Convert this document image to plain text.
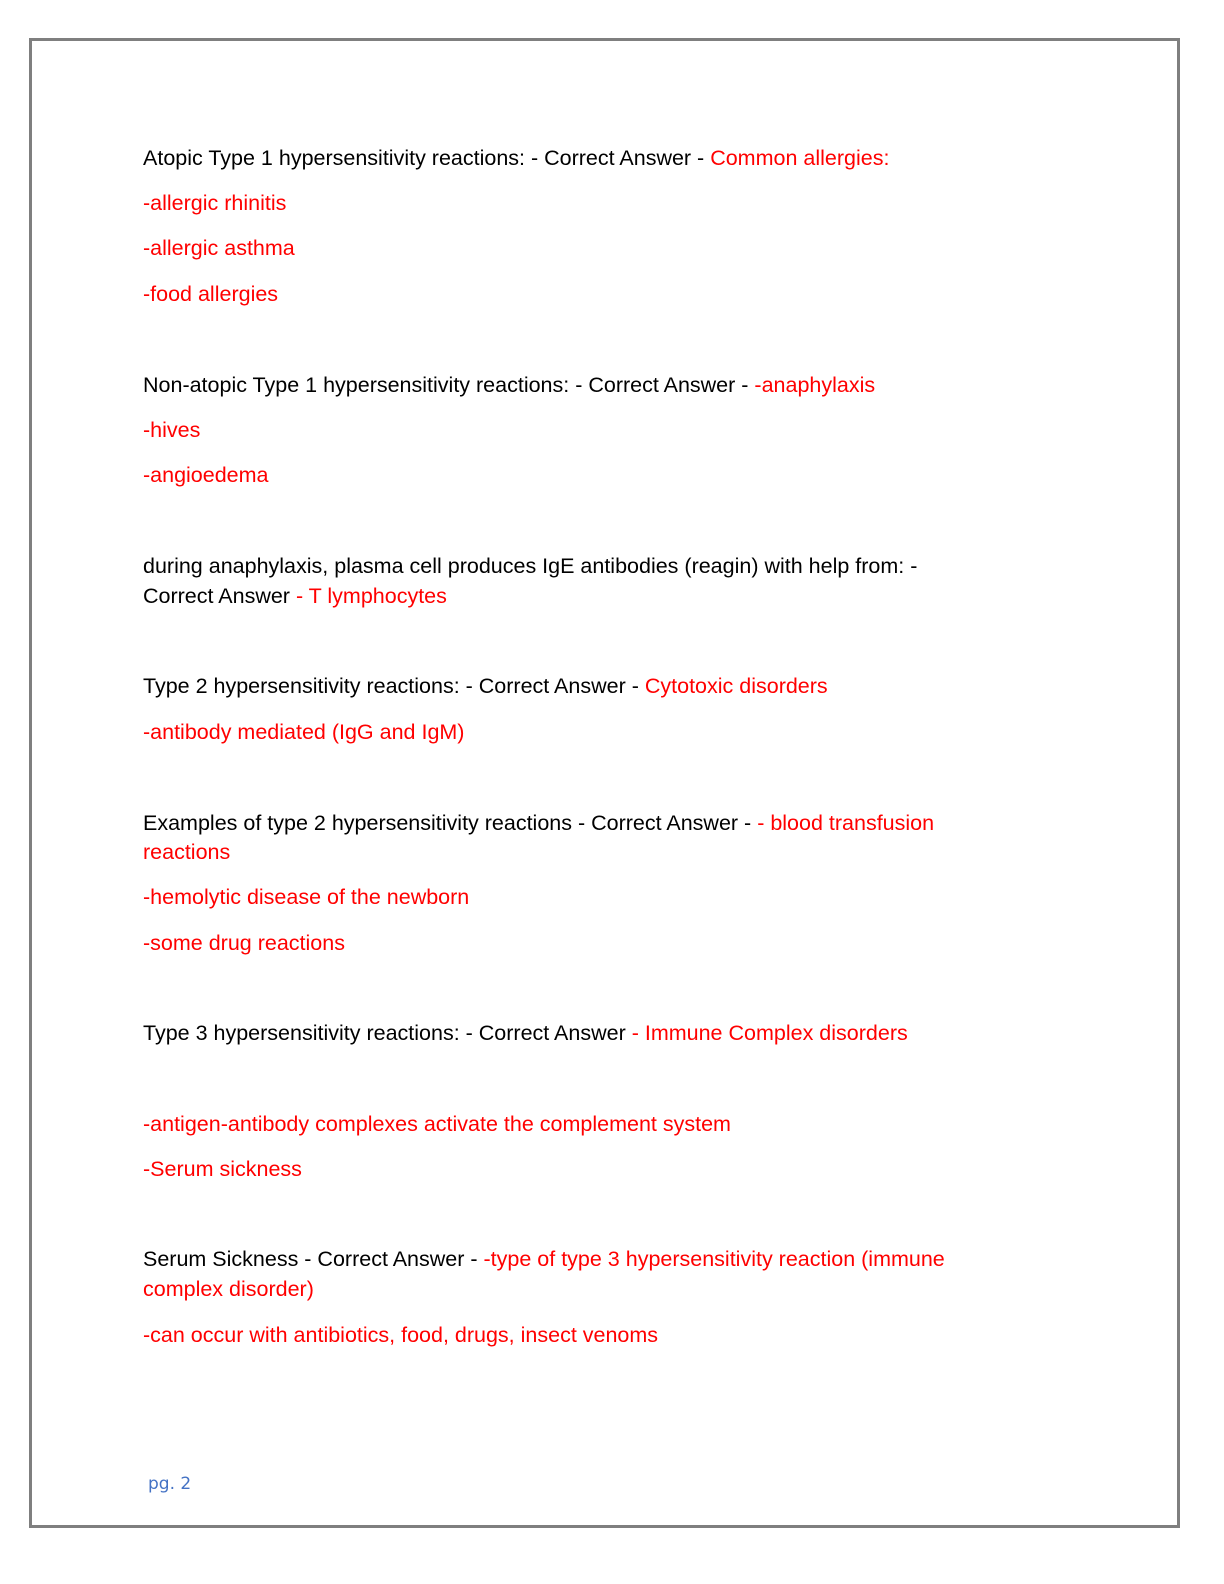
Atopic Type 1 hypersensitivity reactions: - Correct Answer - Common allergies:
-allergic rhinitis
-allergic asthma
-food allergies
Non-atopic Type 1 hypersensitivity reactions: - Correct Answer - -anaphylaxis
-hives
-angioedema
during anaphylaxis, plasma cell produces IgE antibodies (reagin) with help from: -
Correct Answer - T lymphocytes
Type 2 hypersensitivity reactions: - Correct Answer - Cytotoxic disorders
-antibody mediated (IgG and IgM)
Examples of type 2 hypersensitivity reactions - Correct Answer - - blood transfusion
reactions
-hemolytic disease of the newborn
-some drug reactions
Type 3 hypersensitivity reactions: - Correct Answer - Immune Complex disorders
-antigen-antibody complexes activate the complement system
-Serum sickness
Serum Sickness - Correct Answer - -type of type 3 hypersensitivity reaction (immune
complex disorder)
-can occur with antibiotics, food, drugs, insect venoms
pg. 2
